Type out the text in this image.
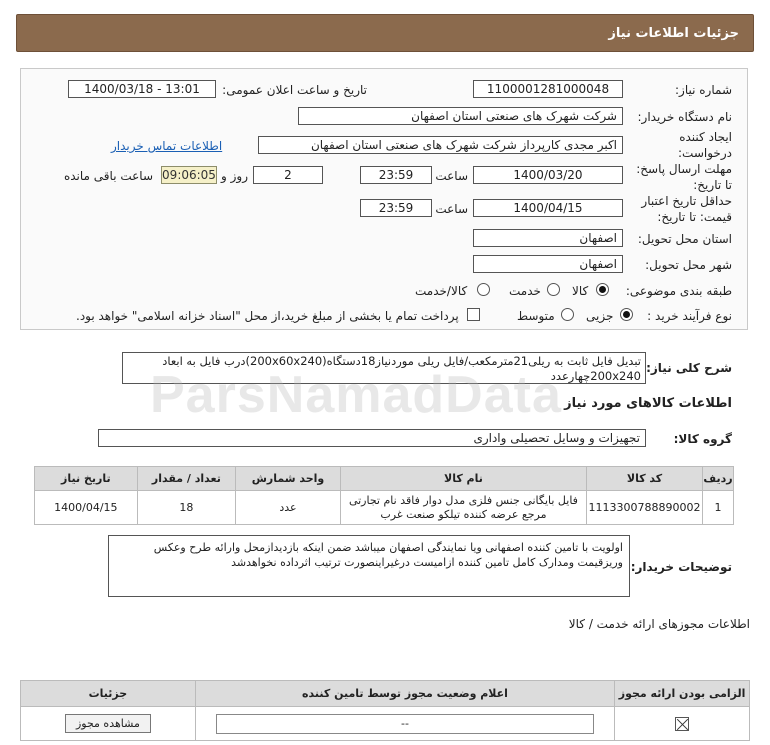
جزئیات اطلاعات نیاز
شماره نیاز:
1100001281000048
تاریخ و ساعت اعلان عمومی:
1400/03/18 - 13:01
نام دستگاه خریدار:
شرکت شهرک های صنعتی استان اصفهان
ایجاد کننده درخواست:
اکبر مجدی کارپرداز شرکت شهرک های صنعتی استان اصفهان
اطلاعات تماس خریدار
مهلت ارسال پاسخ: تا تاریخ:
1400/03/20
ساعت
23:59
2
روز و
09:06:05
ساعت باقی مانده
حداقل تاریخ اعتبار قیمت: تا تاریخ:
1400/04/15
ساعت
23:59
استان محل تحویل:
اصفهان
شهر محل تحویل:
اصفهان
طبقه بندی موضوعی:
کالا
خدمت
کالا/خدمت
نوع فرآیند خرید :
جزیی
متوسط
پرداخت تمام یا بخشی از مبلغ خرید،از محل "اسناد خزانه اسلامی" خواهد بود.
شرح کلی نیاز:
تبدیل فایل ثابت به ریلی21مترمکعب/فایل ریلی موردنیاز18دستگاه(200x60x240)درب فایل به ابعاد 200x240چهارعدد
ParsNamadData اطلاعات کالاهای مورد نیاز
گروه کالا:
تجهیزات و وسایل تحصیلی واداری
ردیف	کد کالا	نام کالا	واحد شمارش	تعداد / مقدار	تاریخ نیاز
1	1113300788890002	فایل بایگانی جنس فلزی مدل دوار فاقد نام تجارتی مرجع عرضه کننده تیلکو صنعت غرب	عدد	18	1400/04/15
توضیحات خریدار:
اولویت با تامین کننده اصفهانی ویا نمایندگی اصفهان میباشد ضمن اینکه بازدیدازمحل وارائه طرح وعکس وریزقیمت ومدارک کامل تامین کننده ازامیست درغیراینصورت ترتیب اثرداده نخواهدشد
اطلاعات مجوزهای ارائه خدمت / کالا
الزامی بودن ارائه مجوز	اعلام وضعیت مجوز توسط تامین کننده	جزئیات

	--	مشاهده مجوز
